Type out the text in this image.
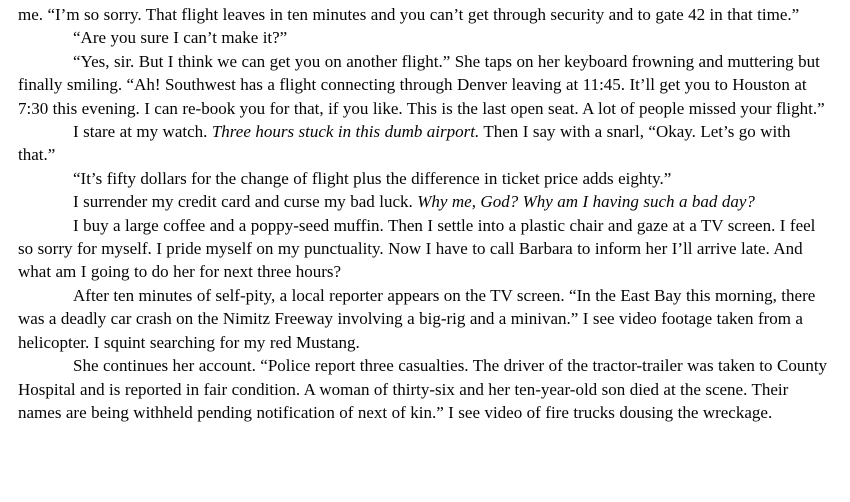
me. “I’m so sorry. That flight leaves in ten minutes and you can’t get through security and to gate 42 in that time.”

“Are you sure I can’t make it?”

“Yes, sir. But I think we can get you on another flight.” She taps on her keyboard frowning and muttering but finally smiling. “Ah! Southwest has a flight connecting through Denver leaving at 11:45. It’ll get you to Houston at 7:30 this evening. I can re-book you for that, if you like. This is the last open seat. A lot of people missed your flight.”

I stare at my watch. Three hours stuck in this dumb airport. Then I say with a snarl, “Okay. Let’s go with that.”

“It’s fifty dollars for the change of flight plus the difference in ticket price adds eighty.”

I surrender my credit card and curse my bad luck. Why me, God? Why am I having such a bad day?

I buy a large coffee and a poppy-seed muffin. Then I settle into a plastic chair and gaze at a TV screen. I feel so sorry for myself. I pride myself on my punctuality. Now I have to call Barbara to inform her I’ll arrive late. And what am I going to do her for next three hours?

After ten minutes of self-pity, a local reporter appears on the TV screen. “In the East Bay this morning, there was a deadly car crash on the Nimitz Freeway involving a big-rig and a minivan.” I see video footage taken from a helicopter. I squint searching for my red Mustang.

She continues her account. “Police report three casualties. The driver of the tractor-trailer was taken to County Hospital and is reported in fair condition. A woman of thirty-six and her ten-year-old son died at the scene. Their names are being withheld pending notification of next of kin.” I see video of fire trucks dousing the wreckage.
